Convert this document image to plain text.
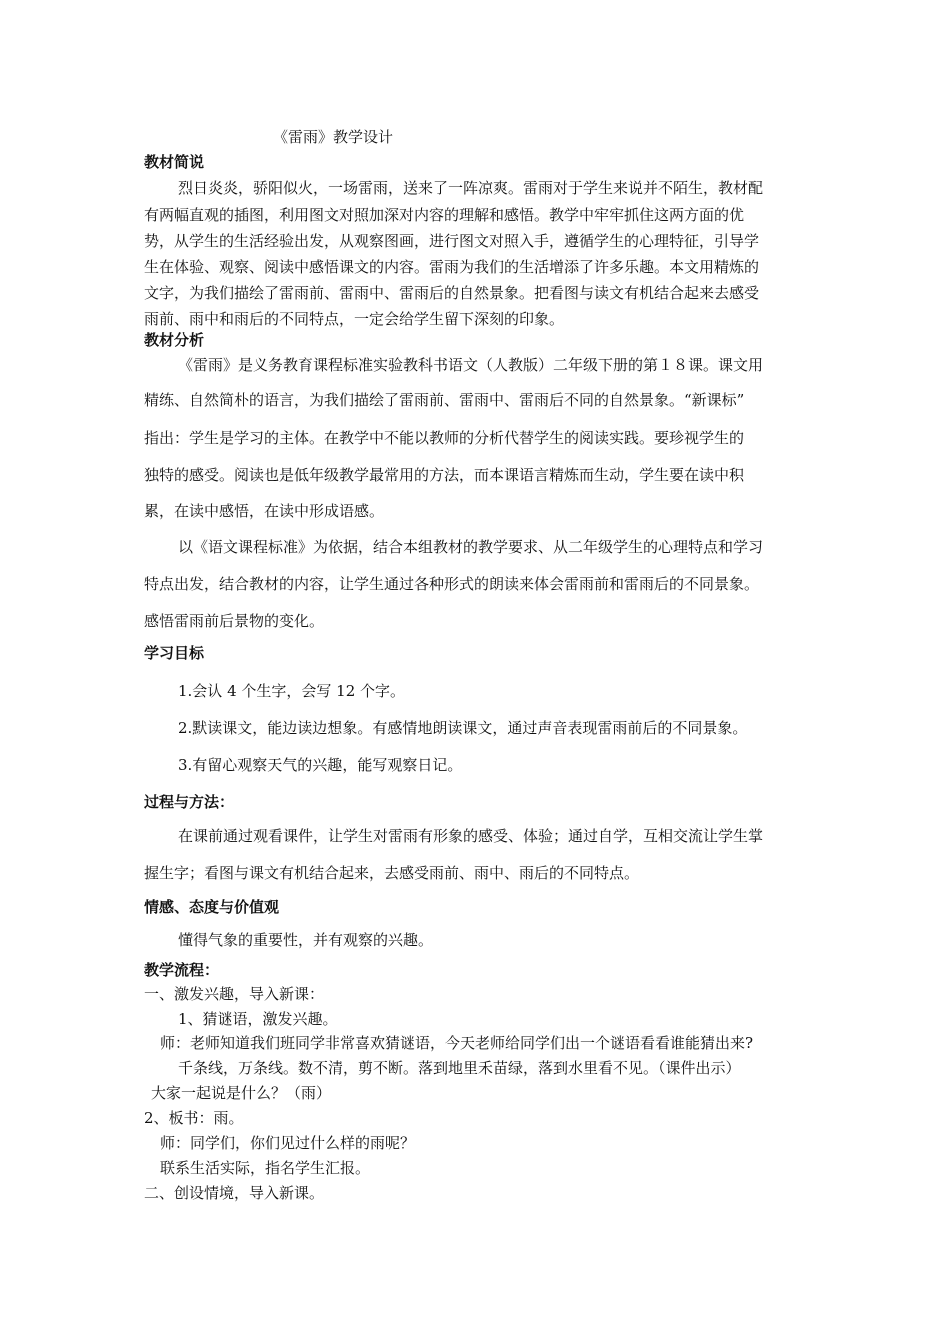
《雷雨》教学设计
教材简说
烈日炎炎，骄阳似火，一场雷雨，送来了一阵凉爽。雷雨对于学生来说并不陌生，教材配
有两幅直观的插图，利用图文对照加深对内容的理解和感悟。教学中牢牢抓住这两方面的优
势，从学生的生活经验出发，从观察图画，进行图文对照入手，遵循学生的心理特征，引导学
生在体验、观察、阅读中感悟课文的内容。雷雨为我们的生活增添了许多乐趣。本文用精炼的
文字，为我们描绘了雷雨前、雷雨中、雷雨后的自然景象。把看图与读文有机结合起来去感受
雨前、雨中和雨后的不同特点，一定会给学生留下深刻的印象。
教材分析
《雷雨》是义务教育课程标准实验教科书语文（人教版）二年级下册的第１８课。课文用
精练、自然简朴的语言，为我们描绘了雷雨前、雷雨中、雷雨后不同的自然景象。“新课标”
指出：学生是学习的主体。在教学中不能以教师的分析代替学生的阅读实践。要珍视学生的
独特的感受。阅读也是低年级教学最常用的方法，而本课语言精炼而生动，学生要在读中积
累，在读中感悟，在读中形成语感。
以《语文课程标准》为依据，结合本组教材的教学要求、从二年级学生的心理特点和学习
特点出发，结合教材的内容，让学生通过各种形式的朗读来体会雷雨前和雷雨后的不同景象。
感悟雷雨前后景物的变化。
学习目标
1.会认 4 个生字，会写 12 个字。
2.默读课文，能边读边想象。有感情地朗读课文，通过声音表现雷雨前后的不同景象。
3.有留心观察天气的兴趣，能写观察日记。
过程与方法：
在课前通过观看课件，让学生对雷雨有形象的感受、体验；通过自学，互相交流让学生掌
握生字；看图与课文有机结合起来，去感受雨前、雨中、雨后的不同特点。
情感、态度与价值观
懂得气象的重要性，并有观察的兴趣。
教学流程：
一、激发兴趣，导入新课：
1、猜谜语，激发兴趣。
师：老师知道我们班同学非常喜欢猜谜语，今天老师给同学们出一个谜语看看谁能猜出来?
千条线，万条线。数不清，剪不断。落到地里禾苗绿，落到水里看不见。（课件出示）
大家一起说是什么？（雨）
2、板书：雨。
师：同学们，你们见过什么样的雨呢？
联系生活实际，指名学生汇报。
二、创设情境，导入新课。
